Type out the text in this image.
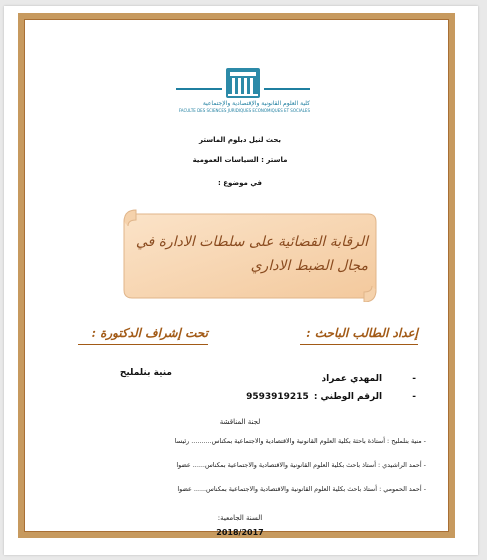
كلية العلوم القانونية والإقتصادية والإجتماعية
FACULTE DES SCIENCES JURIDIQUES ECONOMIQUES ET SOCIALES
بحث لنيل دبلوم الماستر
ماستر : السياسات العمومية
في موضوع :
الرقابة القضائية على سلطات الادارة في
مجال الضبط الاداري
إعداد الطالب الباحث :
تحت إشراف الدكتورة :
-  المهدي عمراد
-  الرقم الوطني : 9593919215
منية بنلمليح
لجنة المناقشة
- منية بنلمليح : أستاذة باحثة بكلية العلوم القانونية والاقتصادية والاجتماعية بمكناس.......... رئيسا
- أحمد الراشيدي : أستاذ باحث بكلية العلوم القانونية والاقتصادية والاجتماعية بمكناس...... عضوا
- أحمد الحمومي : أستاذ باحث بكلية العلوم القانونية والاقتصادية والاجتماعية بمكناس...... عضوا
السنة الجامعية:
2018/2017
